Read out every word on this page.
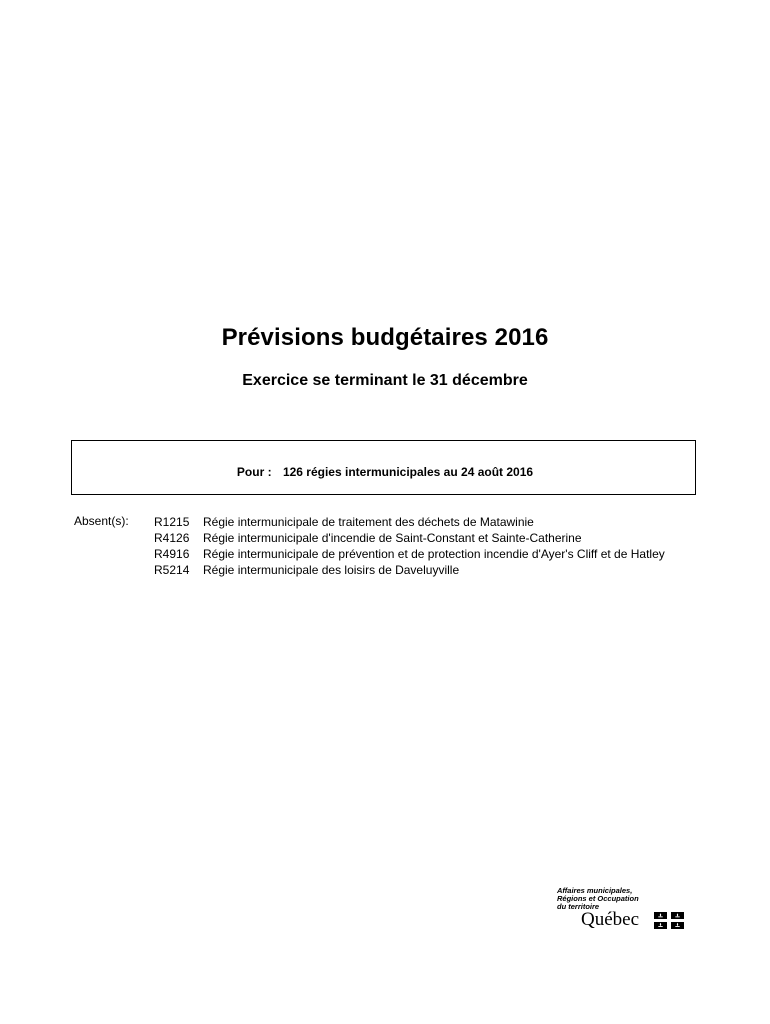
Prévisions budgétaires 2016
Exercice se terminant le 31 décembre
Pour : 126 régies intermunicipales au 24 août 2016
Absent(s): R1215	Régie intermunicipale de traitement des déchets de Matawinie
R4126	Régie intermunicipale d'incendie de Saint-Constant et Sainte-Catherine
R4916	Régie intermunicipale de prévention et de protection incendie d'Ayer's Cliff et de Hatley
R5214	Régie intermunicipale des loisirs de Daveluyville
Affaires municipales,
Régions et Occupation
du territoire
Québec
